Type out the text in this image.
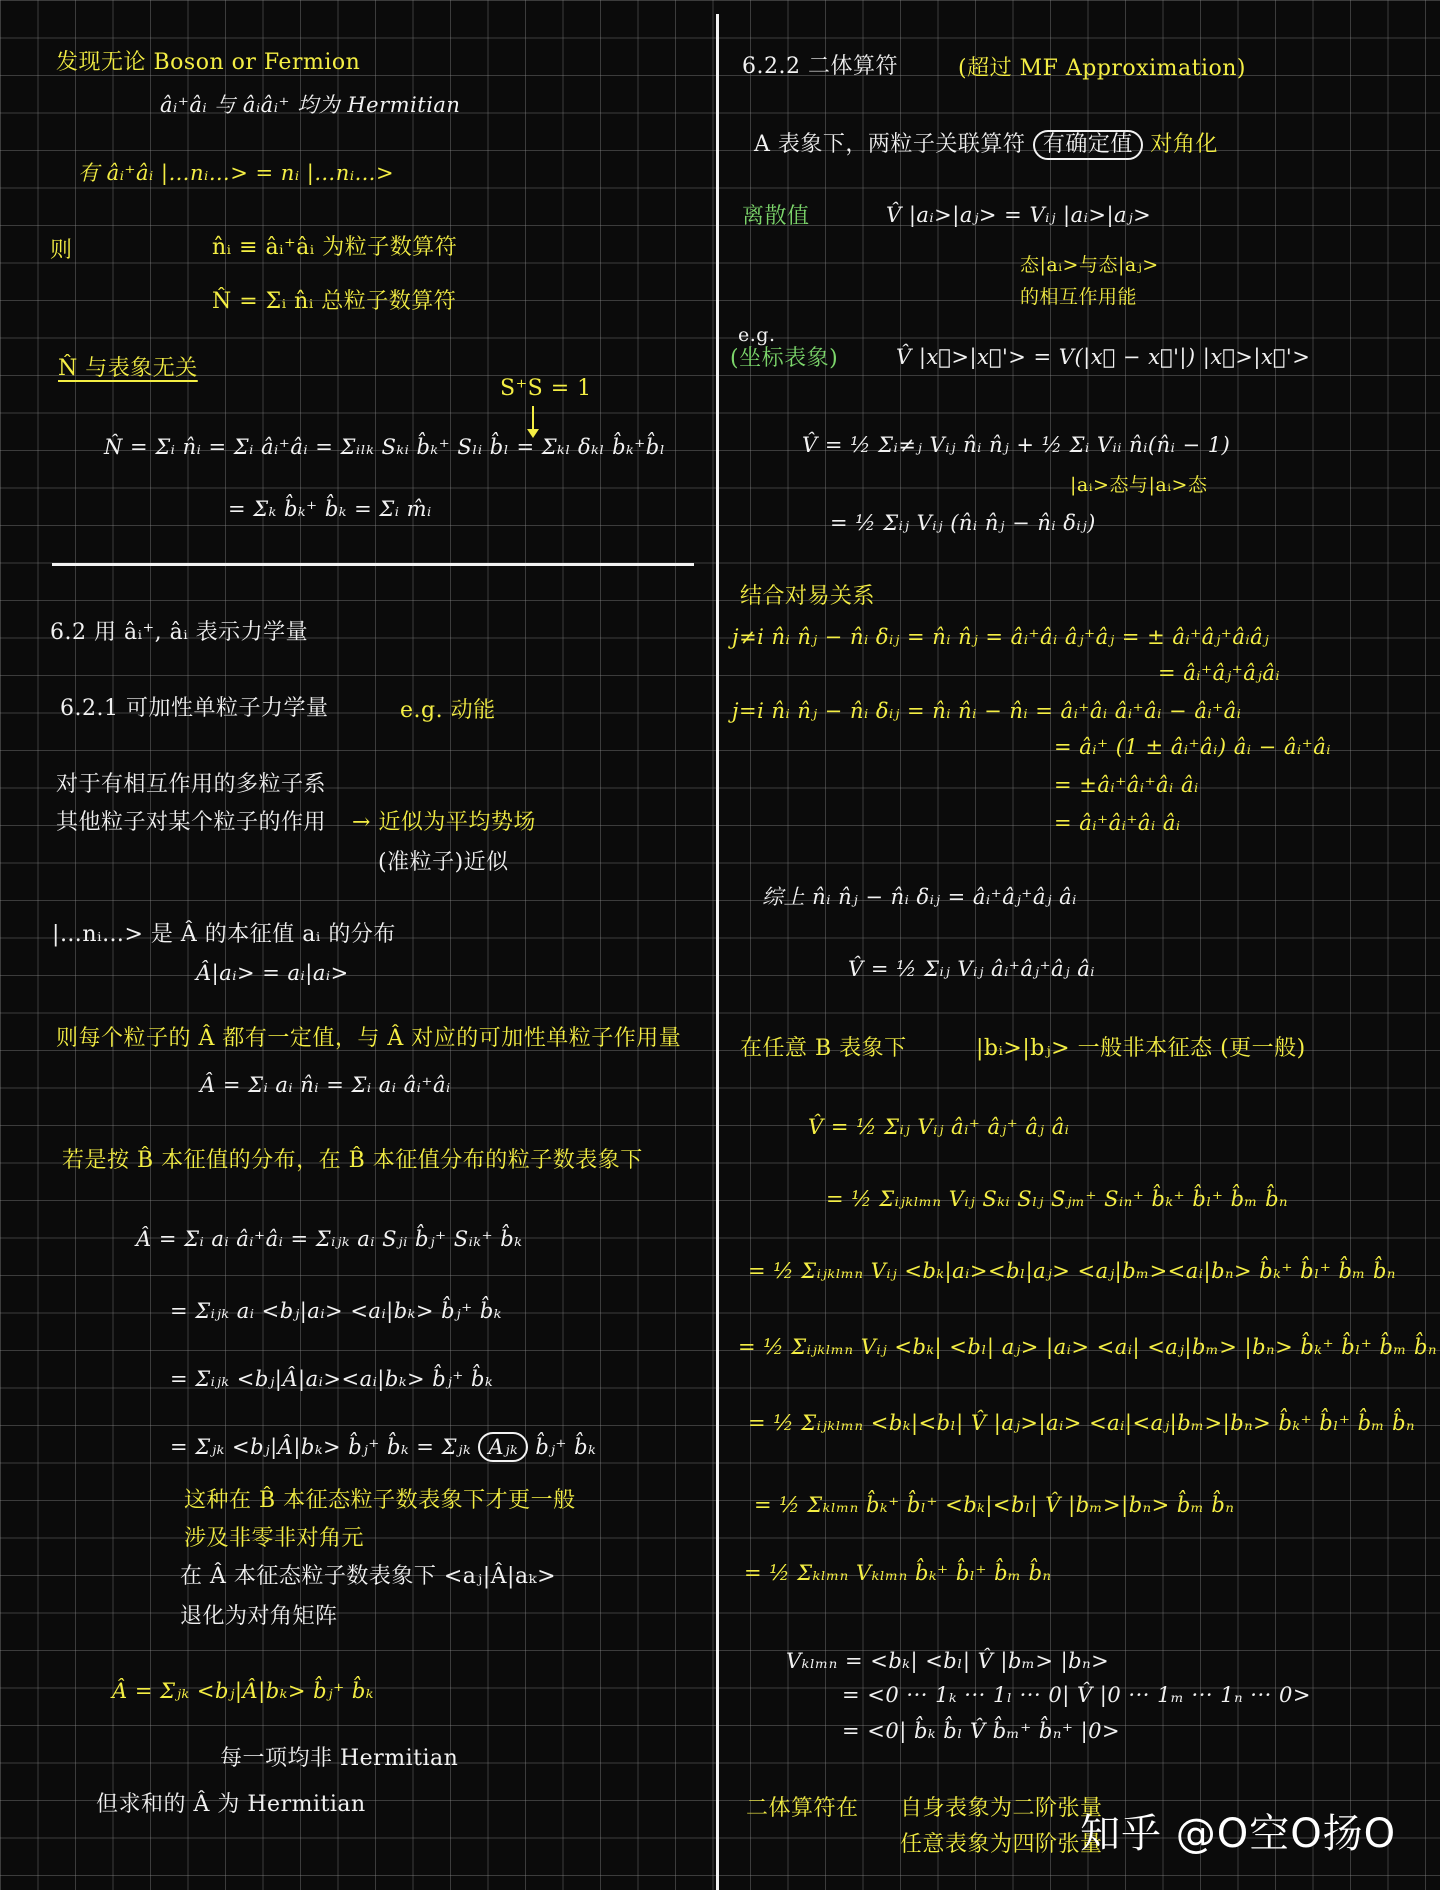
发现无论 Boson or Fermion
âᵢ⁺âᵢ 与 âᵢâᵢ⁺ 均为 Hermitian
有 âᵢ⁺âᵢ |…nᵢ…> = nᵢ |…nᵢ…>
则	n̂ᵢ ≡ âᵢ⁺âᵢ 为粒子数算符
N̂ = Σᵢ n̂ᵢ 总粒子数算符
N̂ 与表象无关
S⁺S = 1
N̂ = Σᵢ n̂ᵢ = Σᵢ âᵢ⁺âᵢ = Σᵢₗₖ Sₖᵢ b̂ₖ⁺ Sₗᵢ b̂ₗ = Σₖₗ δₖₗ b̂ₖ⁺b̂ₗ
= Σₖ b̂ₖ⁺ b̂ₖ = Σᵢ m̂ᵢ
6.2 用 âᵢ⁺, âᵢ 表示力学量
6.2.1 可加性单粒子力学量	e.g. 动能
对于有相互作用的多粒子系
其他粒子对某个粒子的作用 → 近似为平均势场
(准粒子)近似
|…nᵢ…> 是 Â 的本征值 aᵢ 的分布
Â|aᵢ> = aᵢ|aᵢ>
则每个粒子的 Â 都有一定值，与 Â 对应的可加性单粒子作用量
Â = Σᵢ aᵢ n̂ᵢ = Σᵢ aᵢ âᵢ⁺âᵢ
若是按 B̂ 本征值的分布，在 B̂ 本征值分布的粒子数表象下
Â = Σᵢ aᵢ âᵢ⁺âᵢ = Σᵢⱼₖ aᵢ Sⱼᵢ b̂ⱼ⁺ Sᵢₖ⁺ b̂ₖ
= Σᵢⱼₖ aᵢ <bⱼ|aᵢ> <aᵢ|bₖ> b̂ⱼ⁺ b̂ₖ
= Σᵢⱼₖ <bⱼ|Â|aᵢ><aᵢ|bₖ> b̂ⱼ⁺ b̂ₖ
= Σⱼₖ <bⱼ|Â|bₖ> b̂ⱼ⁺ b̂ₖ = Σⱼₖ Aⱼₖ b̂ⱼ⁺ b̂ₖ
这种在 B̂ 本征态粒子数表象下才更一般
涉及非零非对角元
在 Â 本征态粒子数表象下 <aⱼ|Â|aₖ>
退化为对角矩阵
Â = Σⱼₖ <bⱼ|Â|bₖ> b̂ⱼ⁺ b̂ₖ
每一项均非 Hermitian
但求和的 Â 为 Hermitian
6.2.2 二体算符	(超过 MF Approximation)
A 表象下，两粒子关联算符 有确定值 对角化
离散值	V̂ |aᵢ>|aⱼ> = Vᵢⱼ |aᵢ>|aⱼ>
态|aᵢ>与态|aⱼ>
的相互作用能
e.g.
(坐标表象)	V̂ |x⃗>|x⃗'> = V(|x⃗ − x⃗'|) |x⃗>|x⃗'>
V̂ = ½ Σᵢ≠ⱼ Vᵢⱼ n̂ᵢ n̂ⱼ + ½ Σᵢ Vᵢᵢ n̂ᵢ(n̂ᵢ − 1)
|aᵢ>态与|aᵢ>态
= ½ Σᵢⱼ Vᵢⱼ (n̂ᵢ n̂ⱼ − n̂ᵢ δᵢⱼ)
结合对易关系
j≠i n̂ᵢ n̂ⱼ − n̂ᵢ δᵢⱼ = n̂ᵢ n̂ⱼ = âᵢ⁺âᵢ âⱼ⁺âⱼ = ± âᵢ⁺âⱼ⁺âᵢâⱼ
= âᵢ⁺âⱼ⁺âⱼâᵢ
j=i n̂ᵢ n̂ⱼ − n̂ᵢ δᵢⱼ = n̂ᵢ n̂ᵢ − n̂ᵢ = âᵢ⁺âᵢ âᵢ⁺âᵢ − âᵢ⁺âᵢ
= âᵢ⁺ (1 ± âᵢ⁺âᵢ) âᵢ − âᵢ⁺âᵢ
= ±âᵢ⁺âᵢ⁺âᵢ âᵢ
= âᵢ⁺âᵢ⁺âᵢ âᵢ
综上 n̂ᵢ n̂ⱼ − n̂ᵢ δᵢⱼ = âᵢ⁺âⱼ⁺âⱼ âᵢ
V̂ = ½ Σᵢⱼ Vᵢⱼ âᵢ⁺âⱼ⁺âⱼ âᵢ
在任意 B 表象下	|bᵢ>|bⱼ> 一般非本征态 (更一般)
V̂ = ½ Σᵢⱼ Vᵢⱼ âᵢ⁺ âⱼ⁺ âⱼ âᵢ
= ½ Σᵢⱼₖₗₘₙ Vᵢⱼ Sₖᵢ Sₗⱼ Sⱼₘ⁺ Sᵢₙ⁺ b̂ₖ⁺ b̂ₗ⁺ b̂ₘ b̂ₙ
= ½ Σᵢⱼₖₗₘₙ Vᵢⱼ <bₖ|aᵢ><bₗ|aⱼ> <aⱼ|bₘ><aᵢ|bₙ> b̂ₖ⁺ b̂ₗ⁺ b̂ₘ b̂ₙ
= ½ Σᵢⱼₖₗₘₙ Vᵢⱼ <bₖ| <bₗ| aⱼ> |aᵢ> <aᵢ| <aⱼ|bₘ> |bₙ> b̂ₖ⁺ b̂ₗ⁺ b̂ₘ b̂ₙ
= ½ Σᵢⱼₖₗₘₙ <bₖ|<bₗ| V̂ |aⱼ>|aᵢ> <aᵢ|<aⱼ|bₘ>|bₙ> b̂ₖ⁺ b̂ₗ⁺ b̂ₘ b̂ₙ
= ½ Σₖₗₘₙ b̂ₖ⁺ b̂ₗ⁺ <bₖ|<bₗ| V̂ |bₘ>|bₙ> b̂ₘ b̂ₙ
= ½ Σₖₗₘₙ Vₖₗₘₙ b̂ₖ⁺ b̂ₗ⁺ b̂ₘ b̂ₙ
Vₖₗₘₙ = <bₖ| <bₗ| V̂ |bₘ> |bₙ>
= <0 ··· 1ₖ ··· 1ₗ ··· 0| V̂ |0 ··· 1ₘ ··· 1ₙ ··· 0>
= <0| b̂ₖ b̂ₗ V̂ b̂ₘ⁺ b̂ₙ⁺ |0>
二体算符在 自身表象为二阶张量
任意表象为四阶张量
知乎 @O空O扬O
